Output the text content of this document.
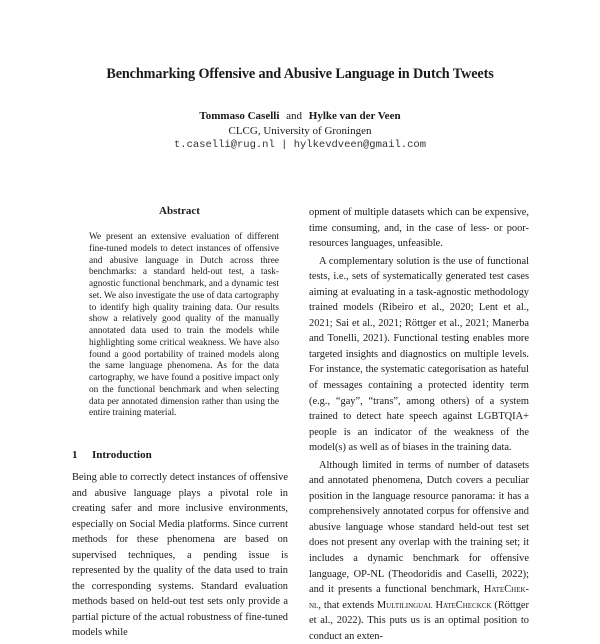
Benchmarking Offensive and Abusive Language in Dutch Tweets
Tommaso Caselli and Hylke van der Veen
CLCG, University of Groningen
t.caselli@rug.nl | hylkevdveen@gmail.com
Abstract
We present an extensive evaluation of different fine-tuned models to detect instances of offensive and abusive language in Dutch across three benchmarks: a standard held-out test, a task-agnostic functional benchmark, and a dynamic test set. We also investigate the use of data cartography to identify high quality training data. Our results show a relatively good quality of the manually annotated data used to train the models while highlighting some critical weakness. We have also found a good portability of trained models along the same language phenomena. As for the data cartography, we have found a positive impact only on the functional benchmark and when selecting data per annotated dimension rather than using the entire training material.
1 Introduction

Being able to correctly detect instances of offensive and abusive language plays a pivotal role in creating safer and more inclusive environments, especially on Social Media platforms. Since current methods for these phenomena are based on supervised techniques, a pending issue is represented by the quality of the data used to train the corresponding systems. Standard evaluation methods based on held-out test sets only provide a partial picture of the actual robustness of fine-tuned models while

opment of multiple datasets which can be expensive, time consuming, and, in the case of less- or poor-resources languages, unfeasible.

A complementary solution is the use of functional tests, i.e., sets of systematically generated test cases aiming at evaluating in a task-agnostic methodology trained models (Ribeiro et al., 2020; Lent et al., 2021; Sai et al., 2021; Röttger et al., 2021; Manerba and Tonelli, 2021). Functional testing enables more targeted insights and diagnostics on multiple levels. For instance, the systematic categorisation as hateful of messages containing a protected identity term (e.g., “gay”, “trans”, among others) of a system trained to detect hate speech against LGBTQIA+ people is an indicator of the weakness of the model(s) as well as of biases in the training data.

Although limited in terms of number of datasets and annotated phenomena, Dutch covers a peculiar position in the language resource panorama: it has a comprehensively annotated corpus for offensive and abusive language whose standard held-out test set does not present any overlap with the training set; it includes a dynamic benchmark for offensive language, OP-NL (Theodoridis and Caselli, 2022); and it presents a functional benchmark, HateChek-nl, that extends Multilingual HateCheckck (Röttger et al., 2022). This puts us is an optimal position to conduct an exten-
